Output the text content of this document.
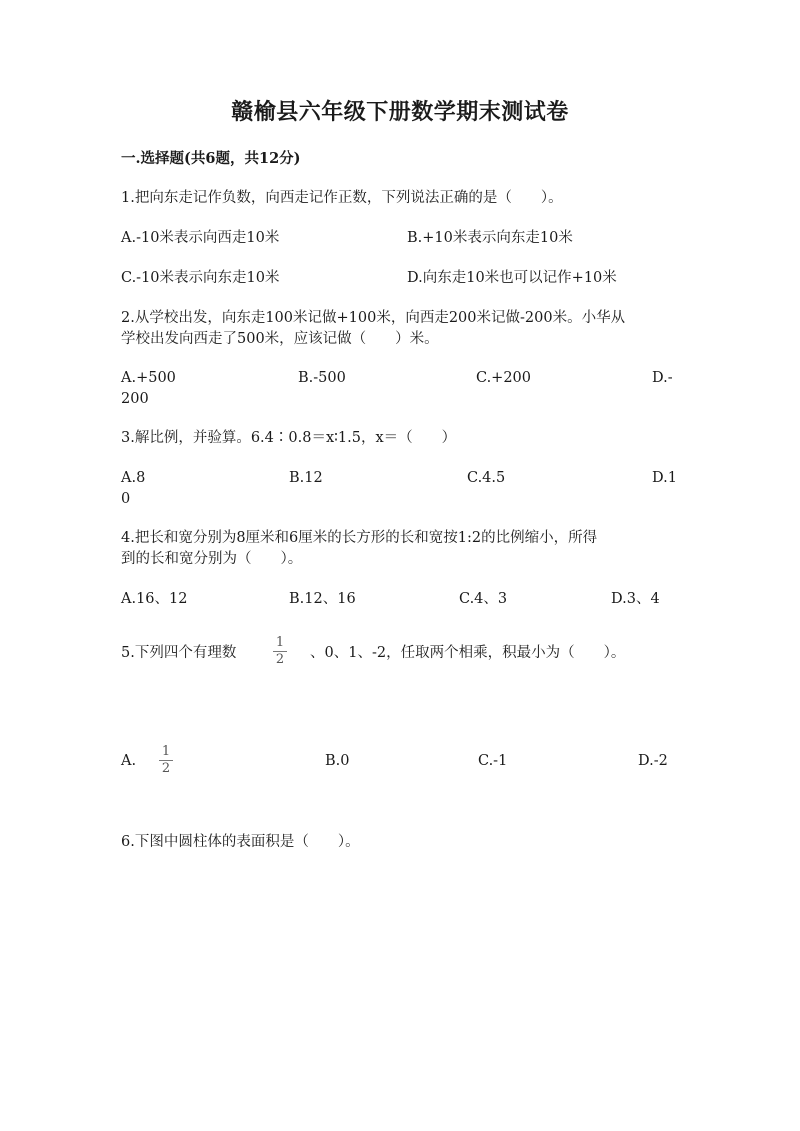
赣榆县六年级下册数学期末测试卷
一.选择题(共6题，共12分)
1.把向东走记作负数，向西走记作正数，下列说法正确的是（　　）。
A.-10米表示向西走10米	B.+10米表示向东走10米
C.-10米表示向东走10米	D.向东走10米也可以记作+10米
2.从学校出发，向东走100米记做+100米，向西走200米记做-200米。小华从
学校出发向西走了500米，应该记做（　　）米。
A.+500	B.-500	C.+200	D.-
200
3.解比例，并验算。6.4∶0.8＝x∶1.5，x＝（　　）
A.8	B.12	C.4.5	D.1
0
4.把长和宽分别为8厘米和6厘米的长方形的长和宽按1:2的比例缩小，所得
到的长和宽分别为（　　）。
A.16、12	B.12、16	C.4、3	D.3、4
5.下列四个有理数
1
2 、0、1、-2，任取两个相乘，积最小为（　　）。
A.
1
2	B.0	C.-1	D.-2
6.下图中圆柱体的表面积是（　　）。
